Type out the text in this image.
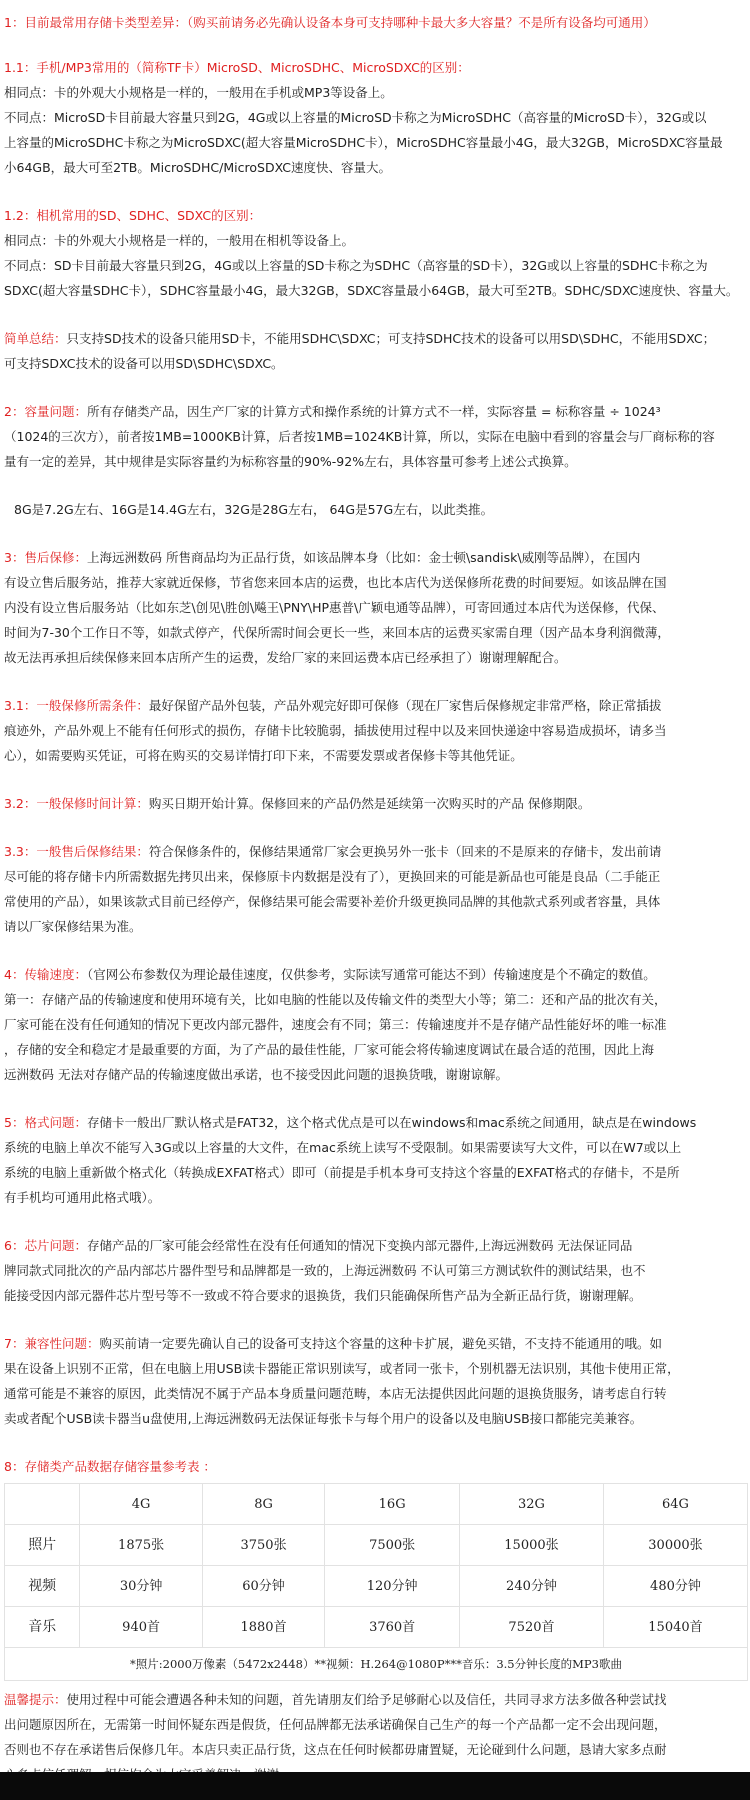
1：目前最常用存储卡类型差异：（购买前请务必先确认设备本身可支持哪种卡最大多大容量？不是所有设备均可通用）
1.1：手机/MP3常用的（简称TF卡）MicroSD、MicroSDHC、MicroSDXC的区别：
相同点：卡的外观大小规格是一样的，一般用在手机或MP3等设备上。
不同点：MicroSD卡目前最大容量只到2G，4G或以上容量的MicroSD卡称之为MicroSDHC（高容量的MicroSD卡），32G或以
上容量的MicroSDHC卡称之为MicroSDXC(超大容量MicroSDHC卡），MicroSDHC容量最小4G，最大32GB，MicroSDXC容量最
小64GB，最大可至2TB。MicroSDHC/MicroSDXC速度快、容量大。
1.2：相机常用的SD、SDHC、SDXC的区别：
相同点：卡的外观大小规格是一样的，一般用在相机等设备上。
不同点：SD卡目前最大容量只到2G，4G或以上容量的SD卡称之为SDHC（高容量的SD卡），32G或以上容量的SDHC卡称之为
SDXC(超大容量SDHC卡），SDHC容量最小4G，最大32GB，SDXC容量最小64GB，最大可至2TB。SDHC/SDXC速度快、容量大。
简单总结：只支持SD技术的设备只能用SD卡，不能用SDHC\SDXC；可支持SDHC技术的设备可以用SD\SDHC，不能用SDXC；
可支持SDXC技术的设备可以用SD\SDHC\SDXC。
2：容量问题：所有存储类产品，因生产厂家的计算方式和操作系统的计算方式不一样，实际容量 = 标称容量 ÷ 1024³
（1024的三次方），前者按1MB=1000KB计算，后者按1MB=1024KB计算，所以，实际在电脑中看到的容量会与厂商标称的容
量有一定的差异，其中规律是实际容量约为标称容量的90%-92%左右，具体容量可参考上述公式换算。
8G是7.2G左右、16G是14.4G左右，32G是28G左右， 64G是57G左右，以此类推。
3：售后保修：上海远洲数码 所售商品均为正品行货，如该品牌本身（比如：金士顿\sandisk\威刚等品牌），在国内
有设立售后服务站，推荐大家就近保修，节省您来回本店的运费，也比本店代为送保修所花费的时间要短。如该品牌在国
内没有设立售后服务站（比如东芝\创见\胜创\飚王\PNY\HP惠普\广颖电通等品牌），可寄回通过本店代为送保修，代保、
时间为7-30个工作日不等，如款式停产，代保所需时间会更长一些，来回本店的运费买家需自理（因产品本身利润微薄，
故无法再承担后续保修来回本店所产生的运费，发给厂家的来回运费本店已经承担了）谢谢理解配合。
3.1：一般保修所需条件：最好保留产品外包装，产品外观完好即可保修（现在厂家售后保修规定非常严格，除正常插拔
痕迹外，产品外观上不能有任何形式的损伤，存储卡比较脆弱，插拔使用过程中以及来回快递途中容易造成损坏，请多当
心），如需要购买凭证，可将在购买的交易详情打印下来，不需要发票或者保修卡等其他凭证。
3.2：一般保修时间计算：购买日期开始计算。保修回来的产品仍然是延续第一次购买时的产品 保修期限。
3.3：一般售后保修结果：符合保修条件的，保修结果通常厂家会更换另外一张卡（回来的不是原来的存储卡，发出前请
尽可能的将存储卡内所需数据先拷贝出来，保修原卡内数据是没有了），更换回来的可能是新品也可能是良品（二手能正
常使用的产品），如果该款式目前已经停产，保修结果可能会需要补差价升级更换同品牌的其他款式系列或者容量，具体
请以厂家保修结果为准。
4：传输速度：（官网公布参数仅为理论最佳速度，仅供参考，实际读写通常可能达不到）传输速度是个不确定的数值。
第一：存储产品的传输速度和使用环境有关，比如电脑的性能以及传输文件的类型大小等；第二：还和产品的批次有关，
厂家可能在没有任何通知的情况下更改内部元器件，速度会有不同；第三：传输速度并不是存储产品性能好坏的唯一标准
，存储的安全和稳定才是最重要的方面，为了产品的最佳性能，厂家可能会将传输速度调试在最合适的范围，因此上海
远洲数码 无法对存储产品的传输速度做出承诺，也不接受因此问题的退换货哦，谢谢谅解。
5：格式问题：存储卡一般出厂默认格式是FAT32，这个格式优点是可以在windows和mac系统之间通用，缺点是在windows
系统的电脑上单次不能写入3G或以上容量的大文件，在mac系统上读写不受限制。如果需要读写大文件，可以在W7或以上
系统的电脑上重新做个格式化（转换成EXFAT格式）即可（前提是手机本身可支持这个容量的EXFAT格式的存储卡，不是所
有手机均可通用此格式哦）。
6：芯片问题：存储产品的厂家可能会经常性在没有任何通知的情况下变换内部元器件,上海远洲数码 无法保证同品
牌同款式同批次的产品内部芯片器件型号和品牌都是一致的，上海远洲数码 不认可第三方测试软件的测试结果，也不
能接受因内部元器件芯片型号等不一致或不符合要求的退换货，我们只能确保所售产品为全新正品行货，谢谢理解。
7：兼容性问题：购买前请一定要先确认自己的设备可支持这个容量的这种卡扩展，避免买错，不支持不能通用的哦。如
果在设备上识别不正常，但在电脑上用USB读卡器能正常识别读写，或者同一张卡，个别机器无法识别，其他卡使用正常，
通常可能是不兼容的原因，此类情况不属于产品本身质量问题范畴，本店无法提供因此问题的退换货服务，请考虑自行转
卖或者配个USB读卡器当u盘使用,上海远洲数码无法保证每张卡与每个用户的设备以及电脑USB接口都能完美兼容。
8：存储类产品数据存储容量参考表 ：
	4G	8G	16G	32G	64G
照片	1875张	3750张	7500张	15000张	30000张
视频	30分钟	60分钟	120分钟	240分钟	480分钟
音乐	940首	1880首	3760首	7520首	15040首
*照片:2000万像素（5472x2448）**视频：H.264@1080P***音乐：3.5分钟长度的MP3歌曲					
温馨提示：使用过程中可能会遭遇各种未知的问题，首先请朋友们给予足够耐心以及信任，共同寻求方法多做各种尝试找
出问题原因所在，无需第一时间怀疑东西是假货，任何品牌都无法承诺确保自己生产的每一个产品都一定不会出现问题，
否则也不存在承诺售后保修几年。本店只卖正品行货，这点在任何时候都毋庸置疑，无论碰到什么问题，恳请大家多点耐
